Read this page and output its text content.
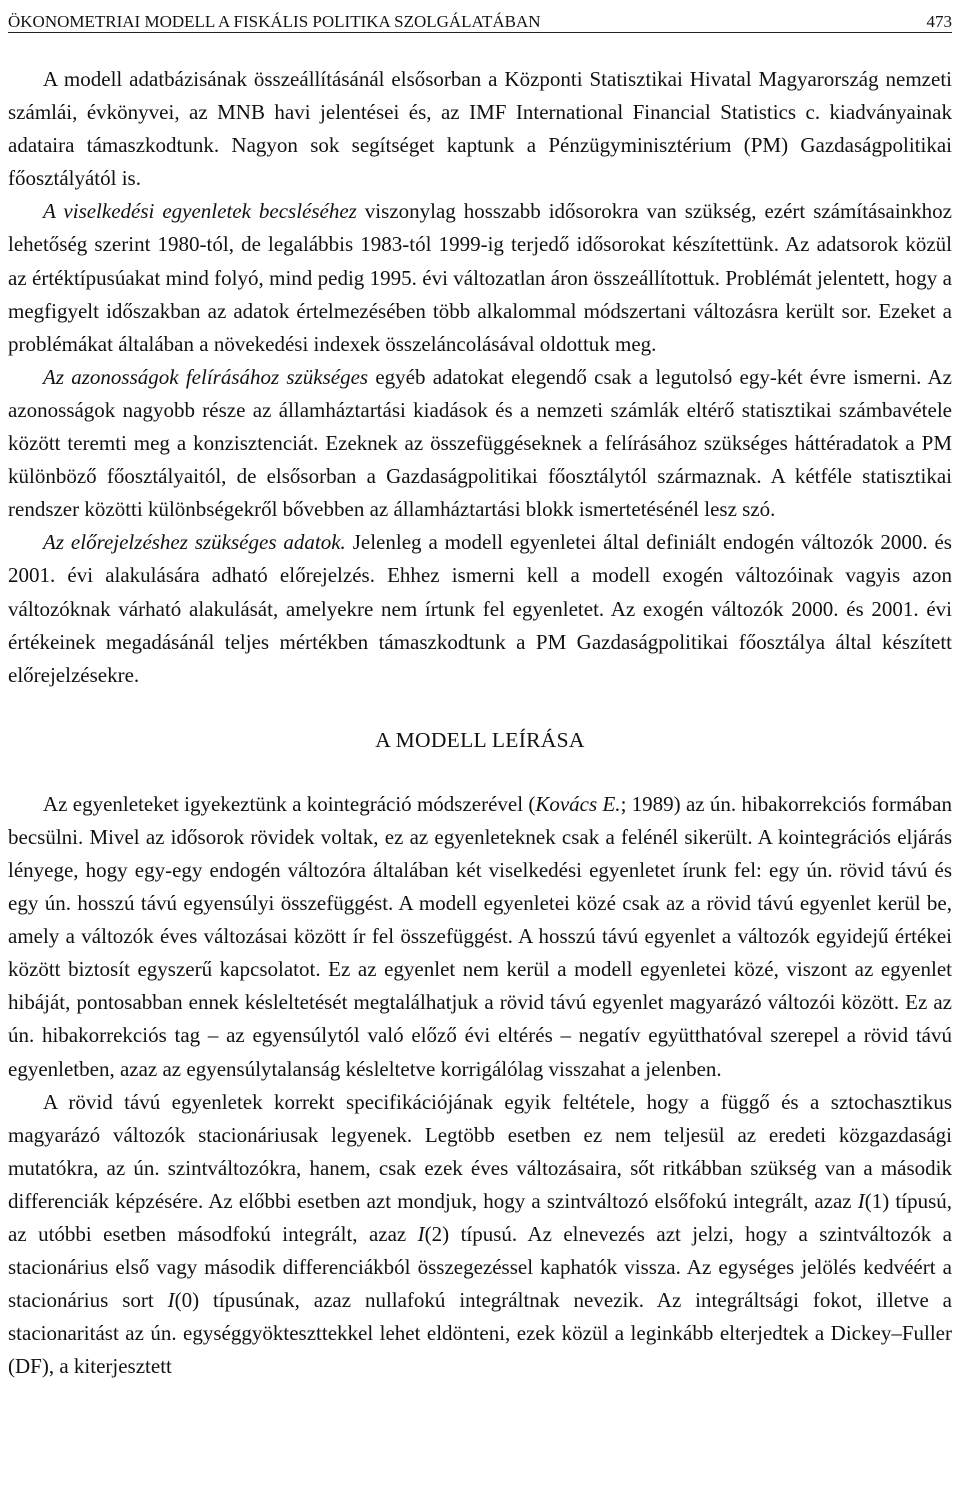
ÖKONOMETRIAI MODELL A FISKÁLIS POLITIKA SZOLGÁLATÁBAN	473

A modell adatbázisának összeállításánál elsősorban a Központi Statisztikai Hivatal Magyarország nemzeti számlái, évkönyvei, az MNB havi jelentései és, az IMF International Financial Statistics c. kiadványainak adataira támaszkodtunk. Nagyon sok segítséget kaptunk a Pénzügyminisztérium (PM) Gazdaságpolitikai főosztályától is.

A viselkedési egyenletek becsléséhez viszonylag hosszabb idősorokra van szükség, ezért számításainkhoz lehetőség szerint 1980-tól, de legalábbis 1983-tól 1999-ig terjedő idősorokat készítettünk. Az adatsorok közül az értéktípusúakat mind folyó, mind pedig 1995. évi változatlan áron összeállítottuk. Problémát jelentett, hogy a megfigyelt időszakban az adatok értelmezésében több alkalommal módszertani változásra került sor. Ezeket a problémákat általában a növekedési indexek összeláncolásával oldottuk meg.

Az azonosságok felírásához szükséges egyéb adatokat elegendő csak a legutolsó egy-két évre ismerni. Az azonosságok nagyobb része az államháztartási kiadások és a nemzeti számlák eltérő statisztikai számbavétele között teremti meg a konzisztenciát. Ezeknek az összefüggéseknek a felírásához szükséges háttéradatok a PM különböző főosztályaitól, de elsősorban a Gazdaságpolitikai főosztálytól származnak. A kétféle statisztikai rendszer közötti különbségekről bővebben az államháztartási blokk ismertetésénél lesz szó.

Az előrejelzéshez szükséges adatok. Jelenleg a modell egyenletei által definiált endogén változók 2000. és 2001. évi alakulására adható előrejelzés. Ehhez ismerni kell a modell exogén változóinak vagyis azon változóknak várható alakulását, amelyekre nem írtunk fel egyenletet. Az exogén változók 2000. és 2001. évi értékeinek megadásánál teljes mértékben támaszkodtunk a PM Gazdaságpolitikai főosztálya által készített előrejelzésekre.

A MODELL LEÍRÁSA

Az egyenleteket igyekeztünk a kointegráció módszerével (Kovács E.; 1989) az ún. hibakorrekciós formában becsülni. Mivel az idősorok rövidek voltak, ez az egyenleteknek csak a felénél sikerült. A kointegrációs eljárás lényege, hogy egy-egy endogén változóra általában két viselkedési egyenletet írunk fel: egy ún. rövid távú és egy ún. hosszú távú egyensúlyi összefüggést. A modell egyenletei közé csak az a rövid távú egyenlet kerül be, amely a változók éves változásai között ír fel összefüggést. A hosszú távú egyenlet a változók egyidejű értékei között biztosít egyszerű kapcsolatot. Ez az egyenlet nem kerül a modell egyenletei közé, viszont az egyenlet hibáját, pontosabban ennek késleltetését megtalálhatjuk a rövid távú egyenlet magyarázó változói között. Ez az ún. hibakorrekciós tag – az egyensúlytól való előző évi eltérés – negatív együtthatóval szerepel a rövid távú egyenletben, azaz az egyensúlytalanság késleltetve korrigálólag visszahat a jelenben.

A rövid távú egyenletek korrekt specifikációjának egyik feltétele, hogy a függő és a sztochasztikus magyarázó változók stacionáriusak legyenek. Legtöbb esetben ez nem teljesül az eredeti közgazdasági mutatókra, az ún. szintváltozókra, hanem, csak ezek éves változásaira, sőt ritkábban szükség van a második differenciák képzésére. Az előbbi esetben azt mondjuk, hogy a szintváltozó elsőfokú integrált, azaz I(1) típusú, az utóbbi esetben másodfokú integrált, azaz I(2) típusú. Az elnevezés azt jelzi, hogy a szintváltozók a stacionárius első vagy második differenciákból összegezéssel kaphatók vissza. Az egységes jelölés kedvéért a stacionárius sort I(0) típusúnak, azaz nullafokú integráltnak nevezik. Az integráltsági fokot, illetve a stacionaritást az ún. egységgyökteszttekkel lehet eldönteni, ezek közül a leginkább elterjedtek a Dickey–Fuller (DF), a kiterjesztett
